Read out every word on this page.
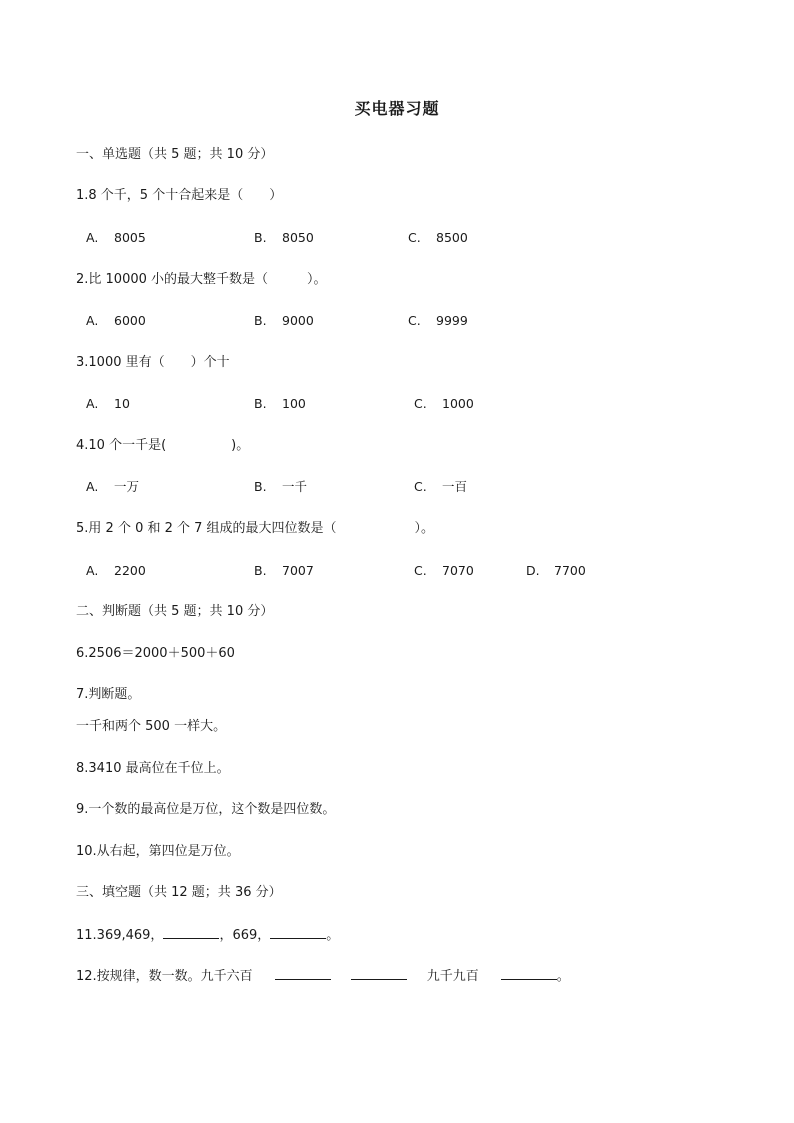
买电器习题
一、单选题（共 5 题；共 10 分）
1.8 个千，5 个十合起来是（　　）
A. 8005	B. 8050	C. 8500
2.比 10000 小的最大整千数是（　　　）。
A. 6000	B. 9000	C. 9999
3.1000 里有（　　）个十
A. 10	B. 100	C. 1000
4.10 个一千是(　　　　　)。
A. 一万	B. 一千	C. 一百
5.用 2 个 0 和 2 个 7 组成的最大四位数是（　　　　　　）。
A. 2200	B. 7007	C. 7070	D. 7700
二、判断题（共 5 题；共 10 分）
6.2506＝2000＋500＋60
7.判断题。
一千和两个 500 一样大。
8.3410 最高位在千位上。
9.一个数的最高位是万位，这个数是四位数。
10.从右起，第四位是万位。
三、填空题（共 12 题；共 36 分）
11.369,469，	，669，	。
12.按规律，数一数。九千六百	九千九百	。
